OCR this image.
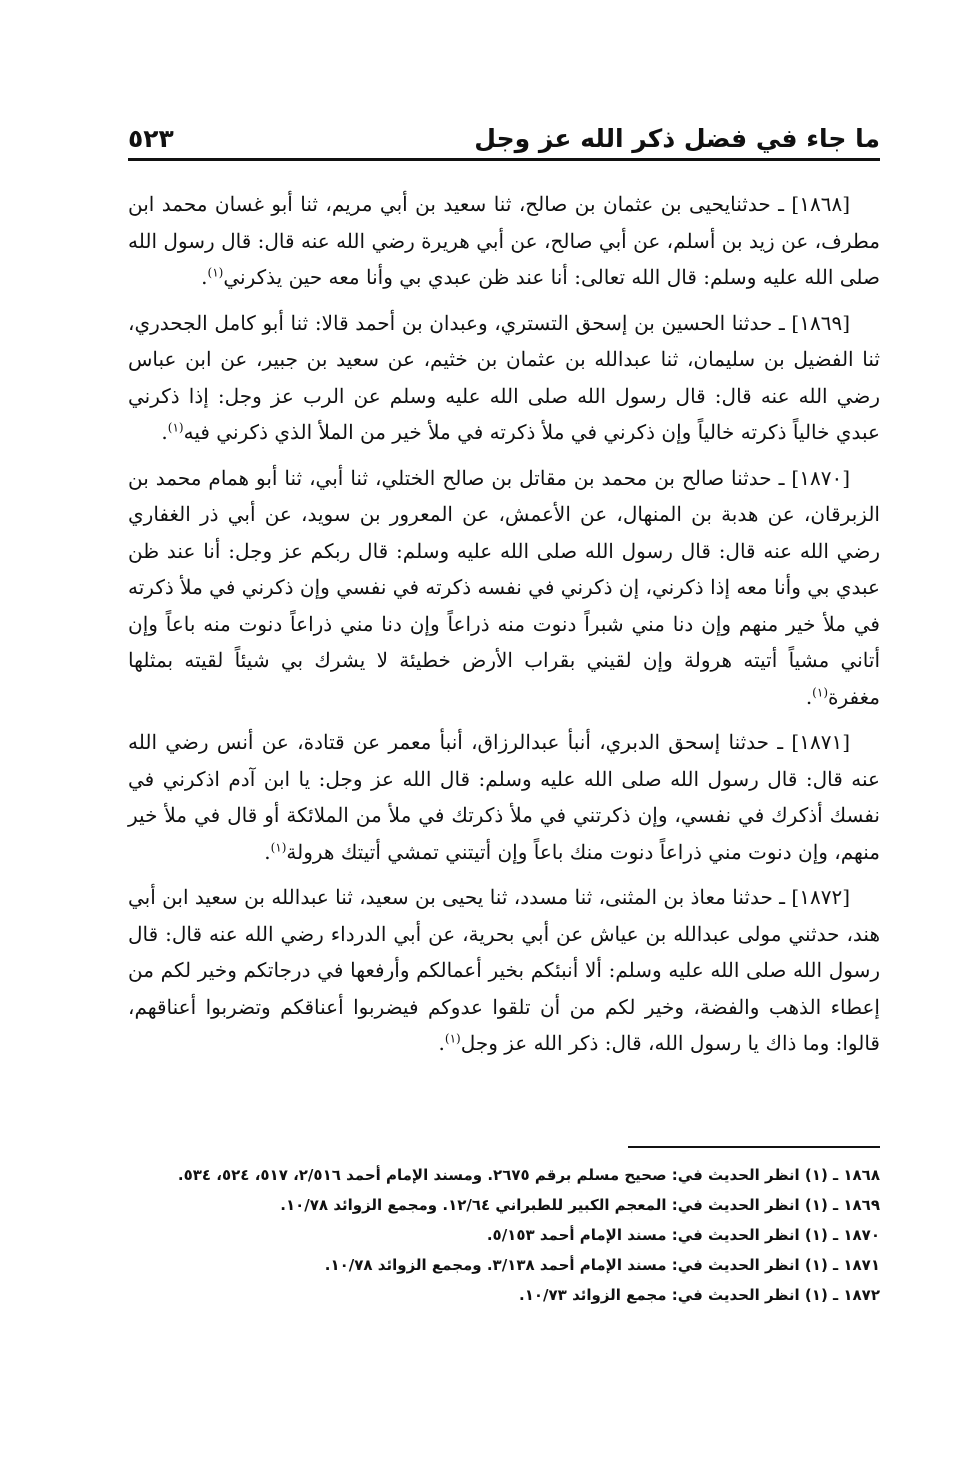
ما جاء في فضل ذكر الله عز وجل
٥٢٣

[١٨٦٨] ـ حدثنايحيى بن عثمان بن صالح، ثنا سعيد بن أبي مريم، ثنا أبو غسان محمد ابن مطرف، عن زيد بن أسلم، عن أبي صالح، عن أبي هريرة رضي الله عنه قال: قال رسول الله صلى الله عليه وسلم: قال الله تعالى: أنا عند ظن عبدي بي وأنا معه حين يذكرني$^{(١)}$.

[١٨٦٩] ـ حدثنا الحسين بن إسحق التستري، وعبدان بن أحمد قالا: ثنا أبو كامل الجحدري، ثنا الفضيل بن سليمان، ثنا عبدالله بن عثمان بن خثيم، عن سعيد بن جبير، عن ابن عباس رضي الله عنه قال: قال رسول الله صلى الله عليه وسلم عن الرب عز وجل: إذا ذكرني عبدي خالياً ذكرته خالياً وإن ذكرني في ملأ ذكرته في ملأ خير من الملأ الذي ذكرني فيه$^{(١)}$.

[١٨٧٠] ـ حدثنا صالح بن محمد بن مقاتل بن صالح الختلي، ثنا أبي، ثنا أبو همام محمد بن الزبرقان، عن هدبة بن المنهال، عن الأعمش، عن المعرور بن سويد، عن أبي ذر الغفاري رضي الله عنه قال: قال رسول الله صلى الله عليه وسلم: قال ربكم عز وجل: أنا عند ظن عبدي بي وأنا معه إذا ذكرني، إن ذكرني في نفسه ذكرته في نفسي وإن ذكرني في ملأ ذكرته في ملأ خير منهم وإن دنا مني شبراً دنوت منه ذراعاً وإن دنا مني ذراعاً دنوت منه باعاً وإن أتاني مشياً أتيته هرولة وإن لقيني بقراب الأرض خطيئة لا يشرك بي شيئاً لقيته بمثلها مغفرة$^{(١)}$.

[١٨٧١] ـ حدثنا إسحق الدبري، أنبأ عبدالرزاق، أنبأ معمر عن قتادة، عن أنس رضي الله عنه قال: قال رسول الله صلى الله عليه وسلم: قال الله عز وجل: يا ابن آدم اذكرني في نفسك أذكرك في نفسي، وإن ذكرتني في ملأ ذكرتك في ملأ من الملائكة أو قال في ملأ خير منهم، وإن دنوت مني ذراعاً دنوت منك باعاً وإن أتيتني تمشي أتيتك هرولة$^{(١)}$.

[١٨٧٢] ـ حدثنا معاذ بن المثنى، ثنا مسدد، ثنا يحيى بن سعيد، ثنا عبدالله بن سعيد ابن أبي هند، حدثني مولى عبدالله بن عياش عن أبي بحرية، عن أبي الدرداء رضي الله عنه قال: قال رسول الله صلى الله عليه وسلم: ألا أنبئكم بخير أعمالكم وأرفعها في درجاتكم وخير لكم من إعطاء الذهب والفضة، وخير لكم من أن تلقوا عدوكم فيضربوا أعناقكم وتضربوا أعناقهم، قالوا: وما ذاك يا رسول الله، قال: ذكر الله عز وجل$^{(١)}$.

١٨٦٨ ـ (١) انظر الحديث في: صحيح مسلم برقم ٢٦٧٥. ومسند الإمام أحمد ٢/٥١٦، ٥١٧، ٥٢٤، ٥٣٤.

١٨٦٩ ـ (١) انظر الحديث في: المعجم الكبير للطبراني ١٢/٦٤. ومجمع الزوائد ١٠/٧٨.

١٨٧٠ ـ (١) انظر الحديث في: مسند الإمام أحمد ٥/١٥٣.

١٨٧١ ـ (١) انظر الحديث في: مسند الإمام أحمد ٣/١٣٨. ومجمع الزوائد ١٠/٧٨.

١٨٧٢ ـ (١) انظر الحديث في: مجمع الزوائد ١٠/٧٣.
